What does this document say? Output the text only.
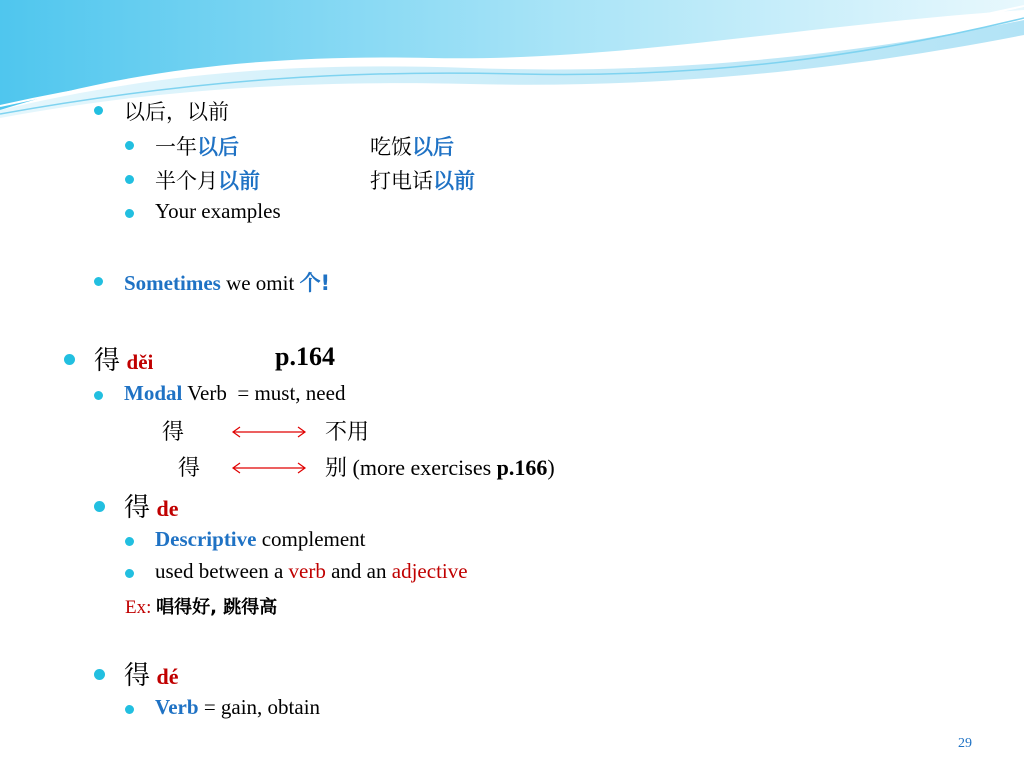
以后，以前
一年以后	吃饭以后
半个月以前	打电话以前
Your examples
Sometimes we omit 个!
得 děi	p.164
Modal Verb  = must, need
得	不用
得	别 (more exercises p.166)
得 de
Descriptive complement
used between a verb and an adjective
Ex: 唱得好, 跳得高
得 dé
Verb = gain, obtain
29
